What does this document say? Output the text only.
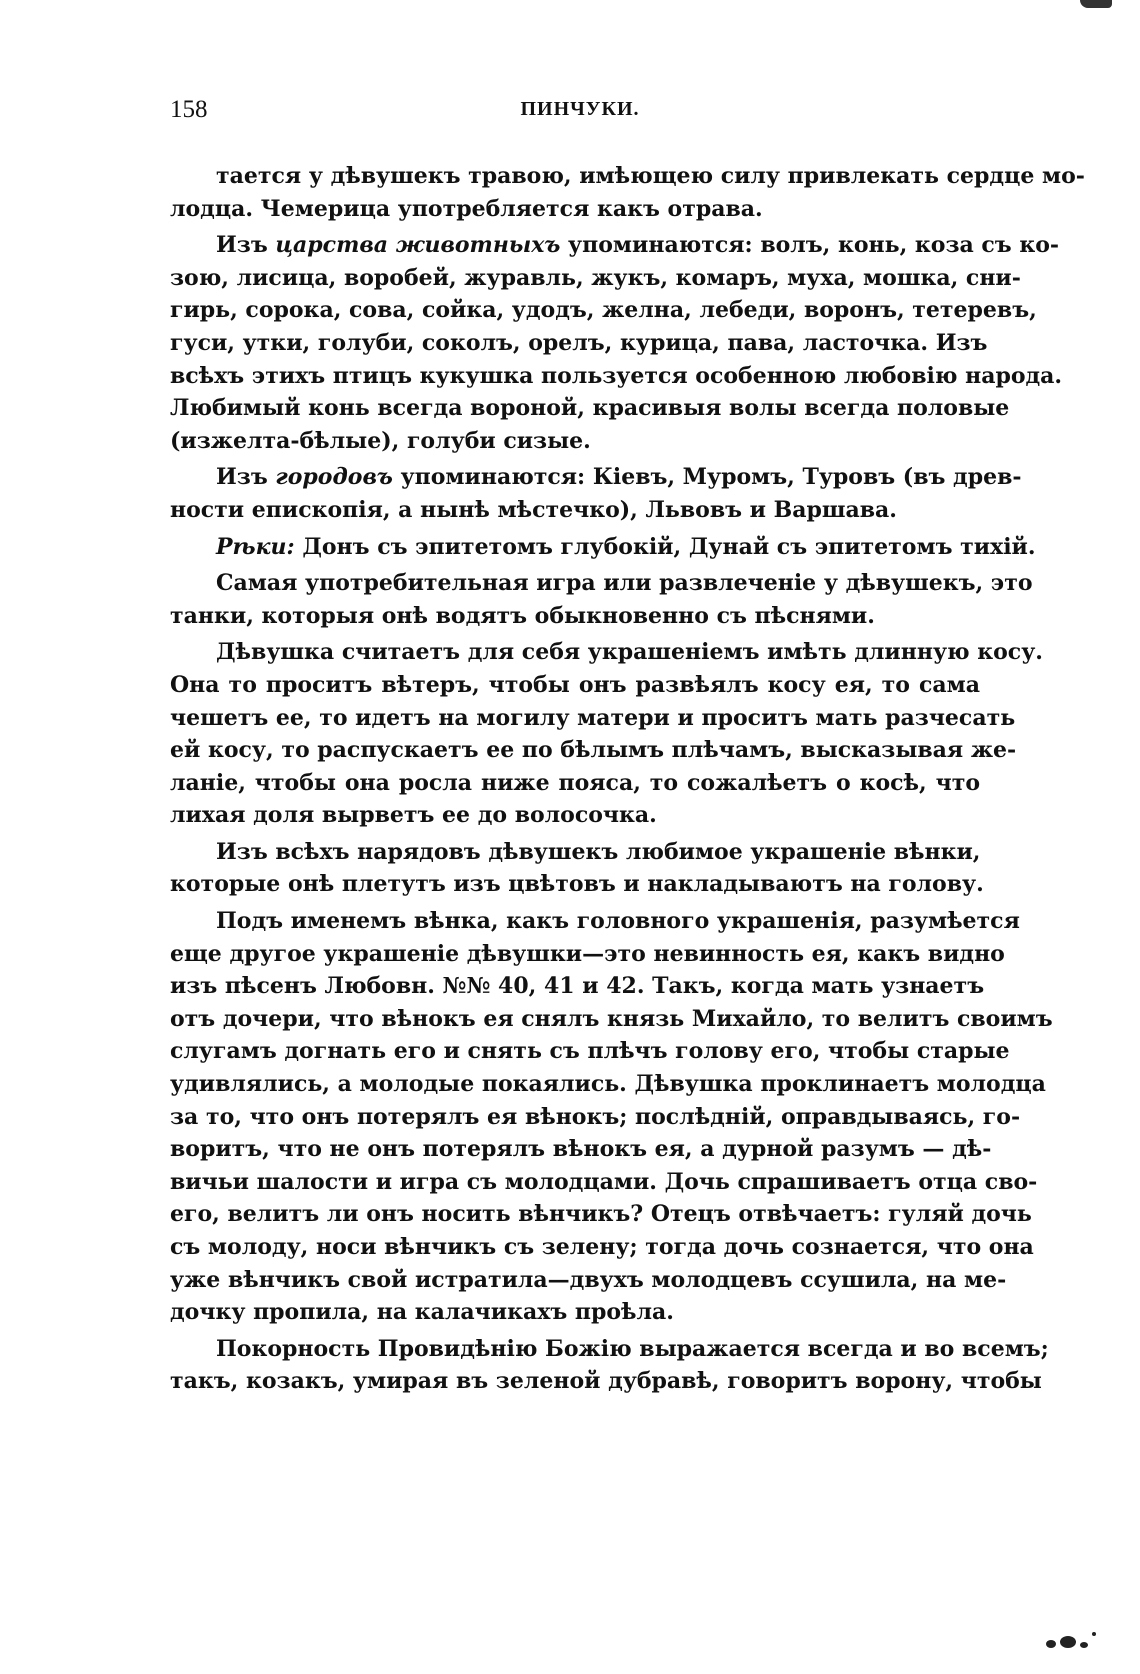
158	ПИНЧУКИ.
тается у дѣвушекъ травою, имѣющею силу привлекать сердце мо-
лодца. Чемерица употребляется какъ отрава.
Изъ царства животныхъ упоминаются: волъ, конь, коза съ ко-
зою, лисица, воробей, журавль, жукъ, комаръ, муха, мошка, сни-
гирь, сорока, сова, сойка, удодъ, желна, лебеди, воронъ, тетеревъ,
гуси, утки, голуби, соколъ, орелъ, курица, пава, ласточка. Изъ
всѣхъ этихъ птицъ кукушка пользуется особенною любовію народа.
Любимый конь всегда вороной, красивыя волы всегда половые
(изжелта-бѣлые), голуби сизые.
Изъ городовъ упоминаются: Кіевъ, Муромъ, Туровъ (въ древ-
ности епископія, а нынѣ мѣстечко), Львовъ и Варшава.
Рѣки: Донъ съ эпитетомъ глубокій, Дунай съ эпитетомъ тихій.
Самая употребительная игра или развлеченіе у дѣвушекъ, это
танки, которыя онѣ водятъ обыкновенно съ пѣснями.
Дѣвушка считаетъ для себя украшеніемъ имѣть длинную косу.
Она то проситъ вѣтеръ, чтобы онъ развѣялъ косу ея, то сама
чешетъ ее, то идетъ на могилу матери и проситъ мать разчесать
ей косу, то распускаетъ ее по бѣлымъ плѣчамъ, высказывая же-
ланіе, чтобы она росла ниже пояса, то сожалѣетъ о косѣ, что
лихая доля вырветъ ее до волосочка.
Изъ всѣхъ нарядовъ дѣвушекъ любимое украшеніе вѣнки,
которые онѣ плетутъ изъ цвѣтовъ и накладываютъ на голову.
Подъ именемъ вѣнка, какъ головного украшенія, разумѣется
еще другое украшеніе дѣвушки—это невинность ея, какъ видно
изъ пѣсенъ Любовн. №№ 40, 41 и 42. Такъ, когда мать узнаетъ
отъ дочери, что вѣнокъ ея снялъ князь Михайло, то велитъ своимъ
слугамъ догнать его и снять съ плѣчъ голову его, чтобы старые
удивлялись, а молодые покаялись. Дѣвушка проклинаетъ молодца
за то, что онъ потерялъ ея вѣнокъ; послѣдній, оправдываясь, го-
воритъ, что не онъ потерялъ вѣнокъ ея, а дурной разумъ — дѣ-
вичьи шалости и игра съ молодцами. Дочь спрашиваетъ отца сво-
его, велитъ ли онъ носить вѣнчикъ? Отецъ отвѣчаетъ: гуляй дочь
съ молоду, носи вѣнчикъ съ зелену; тогда дочь сознается, что она
уже вѣнчикъ свой истратила—двухъ молодцевъ ссушила, на ме-
дочку пропила, на калачикахъ проѣла.
Покорность Провидѣнію Божію выражается всегда и во всемъ;
такъ, козакъ, умирая въ зеленой дубравѣ, говоритъ ворону, чтобы
